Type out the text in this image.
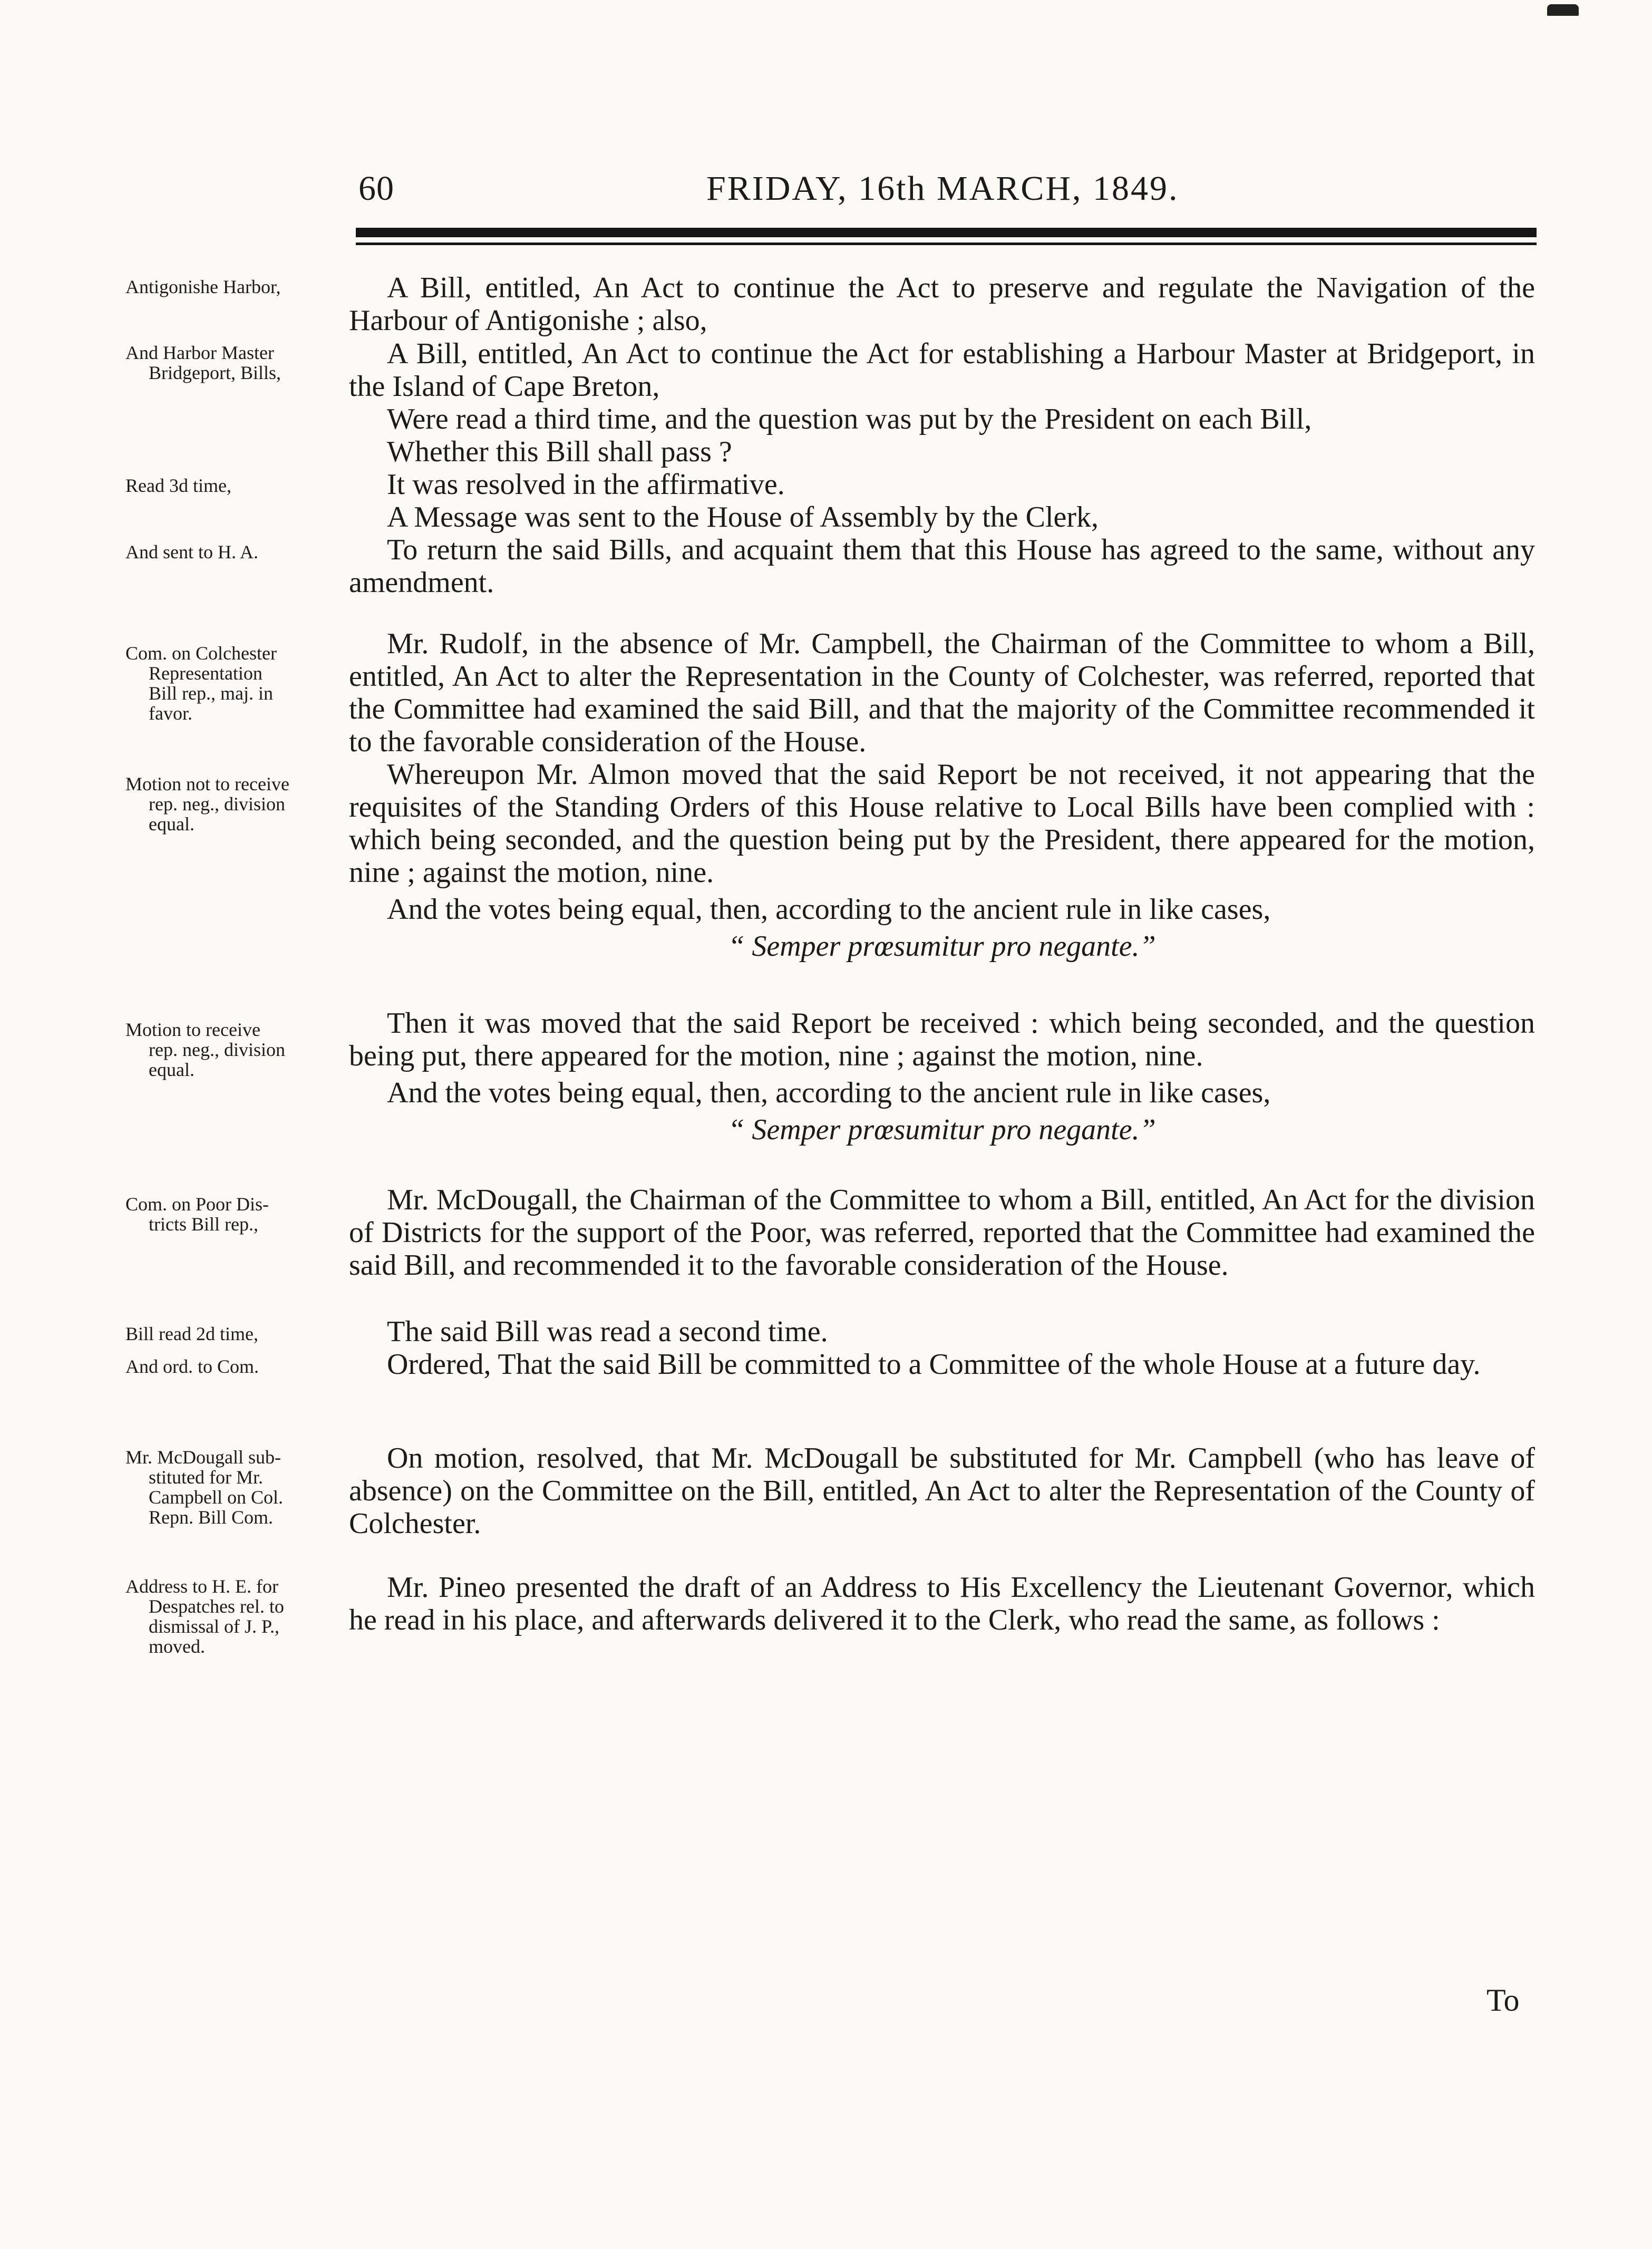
60	FRIDAY, 16th MARCH, 1849.
Antigonishe Harbor,	A Bill, entitled, An Act to continue the Act to preserve and regulate the Navigation of the Harbour of Antigonishe ; also,

And Harbor Master
Bridgeport, Bills,

A Bill, entitled, An Act to continue the Act for establishing a Harbour Master at Bridgeport, in the Island of Cape Breton,

Were read a third time, and the question was put by the President on each Bill,

Read 3d time,

Whether this Bill shall pass ?

It was resolved in the affirmative.

A Message was sent to the House of Assembly by the Clerk,

And sent to H. A.	To return the said Bills, and acquaint them that this House has agreed to the same, without any amendment.

Com. on Colchester
Representation
Bill rep., maj. in
favor.

Mr. Rudolf, in the absence of Mr. Campbell, the Chairman of the Committee to whom a Bill, entitled, An Act to alter the Representation in the County of Colchester, was referred, reported that the Committee had examined the said Bill, and that the majority of the Committee recommended it to the favorable consideration of the House.

Motion not to receive
rep. neg., division
equal.

Whereupon Mr. Almon moved that the said Report be not received, it not appearing that the requisites of the Standing Orders of this House relative to Local Bills have been complied with : which being seconded, and the question being put by the President, there appeared for the motion, nine ; against the motion, nine.

And the votes being equal, then, according to the ancient rule in like cases,

“ Semper prœsumitur pro negante.”

Motion to receive
rep. neg., division
equal.

Then it was moved that the said Report be received : which being seconded, and the question being put, there appeared for the motion, nine ; against the motion, nine.

And the votes being equal, then, according to the ancient rule in like cases,

“ Semper prœsumitur pro negante.”

Com. on Poor Dis-
tricts Bill rep.,

Mr. McDougall, the Chairman of the Committee to whom a Bill, entitled, An Act for the division of Districts for the support of the Poor, was referred, reported that the Committee had examined the said Bill, and recommended it to the favorable consideration of the House.

Bill read 2d time,	The said Bill was read a second time.

And ord. to Com.	Ordered, That the said Bill be committed to a Committee of the whole House at a future day.

Mr. McDougall sub-
stituted for Mr.
Campbell on Col.
Repn. Bill Com.

On motion, resolved, that Mr. McDougall be substituted for Mr. Campbell (who has leave of absence) on the Committee on the Bill, entitled, An Act to alter the Representation of the County of Colchester.

Address to H. E. for
Despatches rel. to
dismissal of J. P.,
moved.

Mr. Pineo presented the draft of an Address to His Excellency the Lieutenant Governor, which he read in his place, and afterwards delivered it to the Clerk, who read the same, as follows :

To
